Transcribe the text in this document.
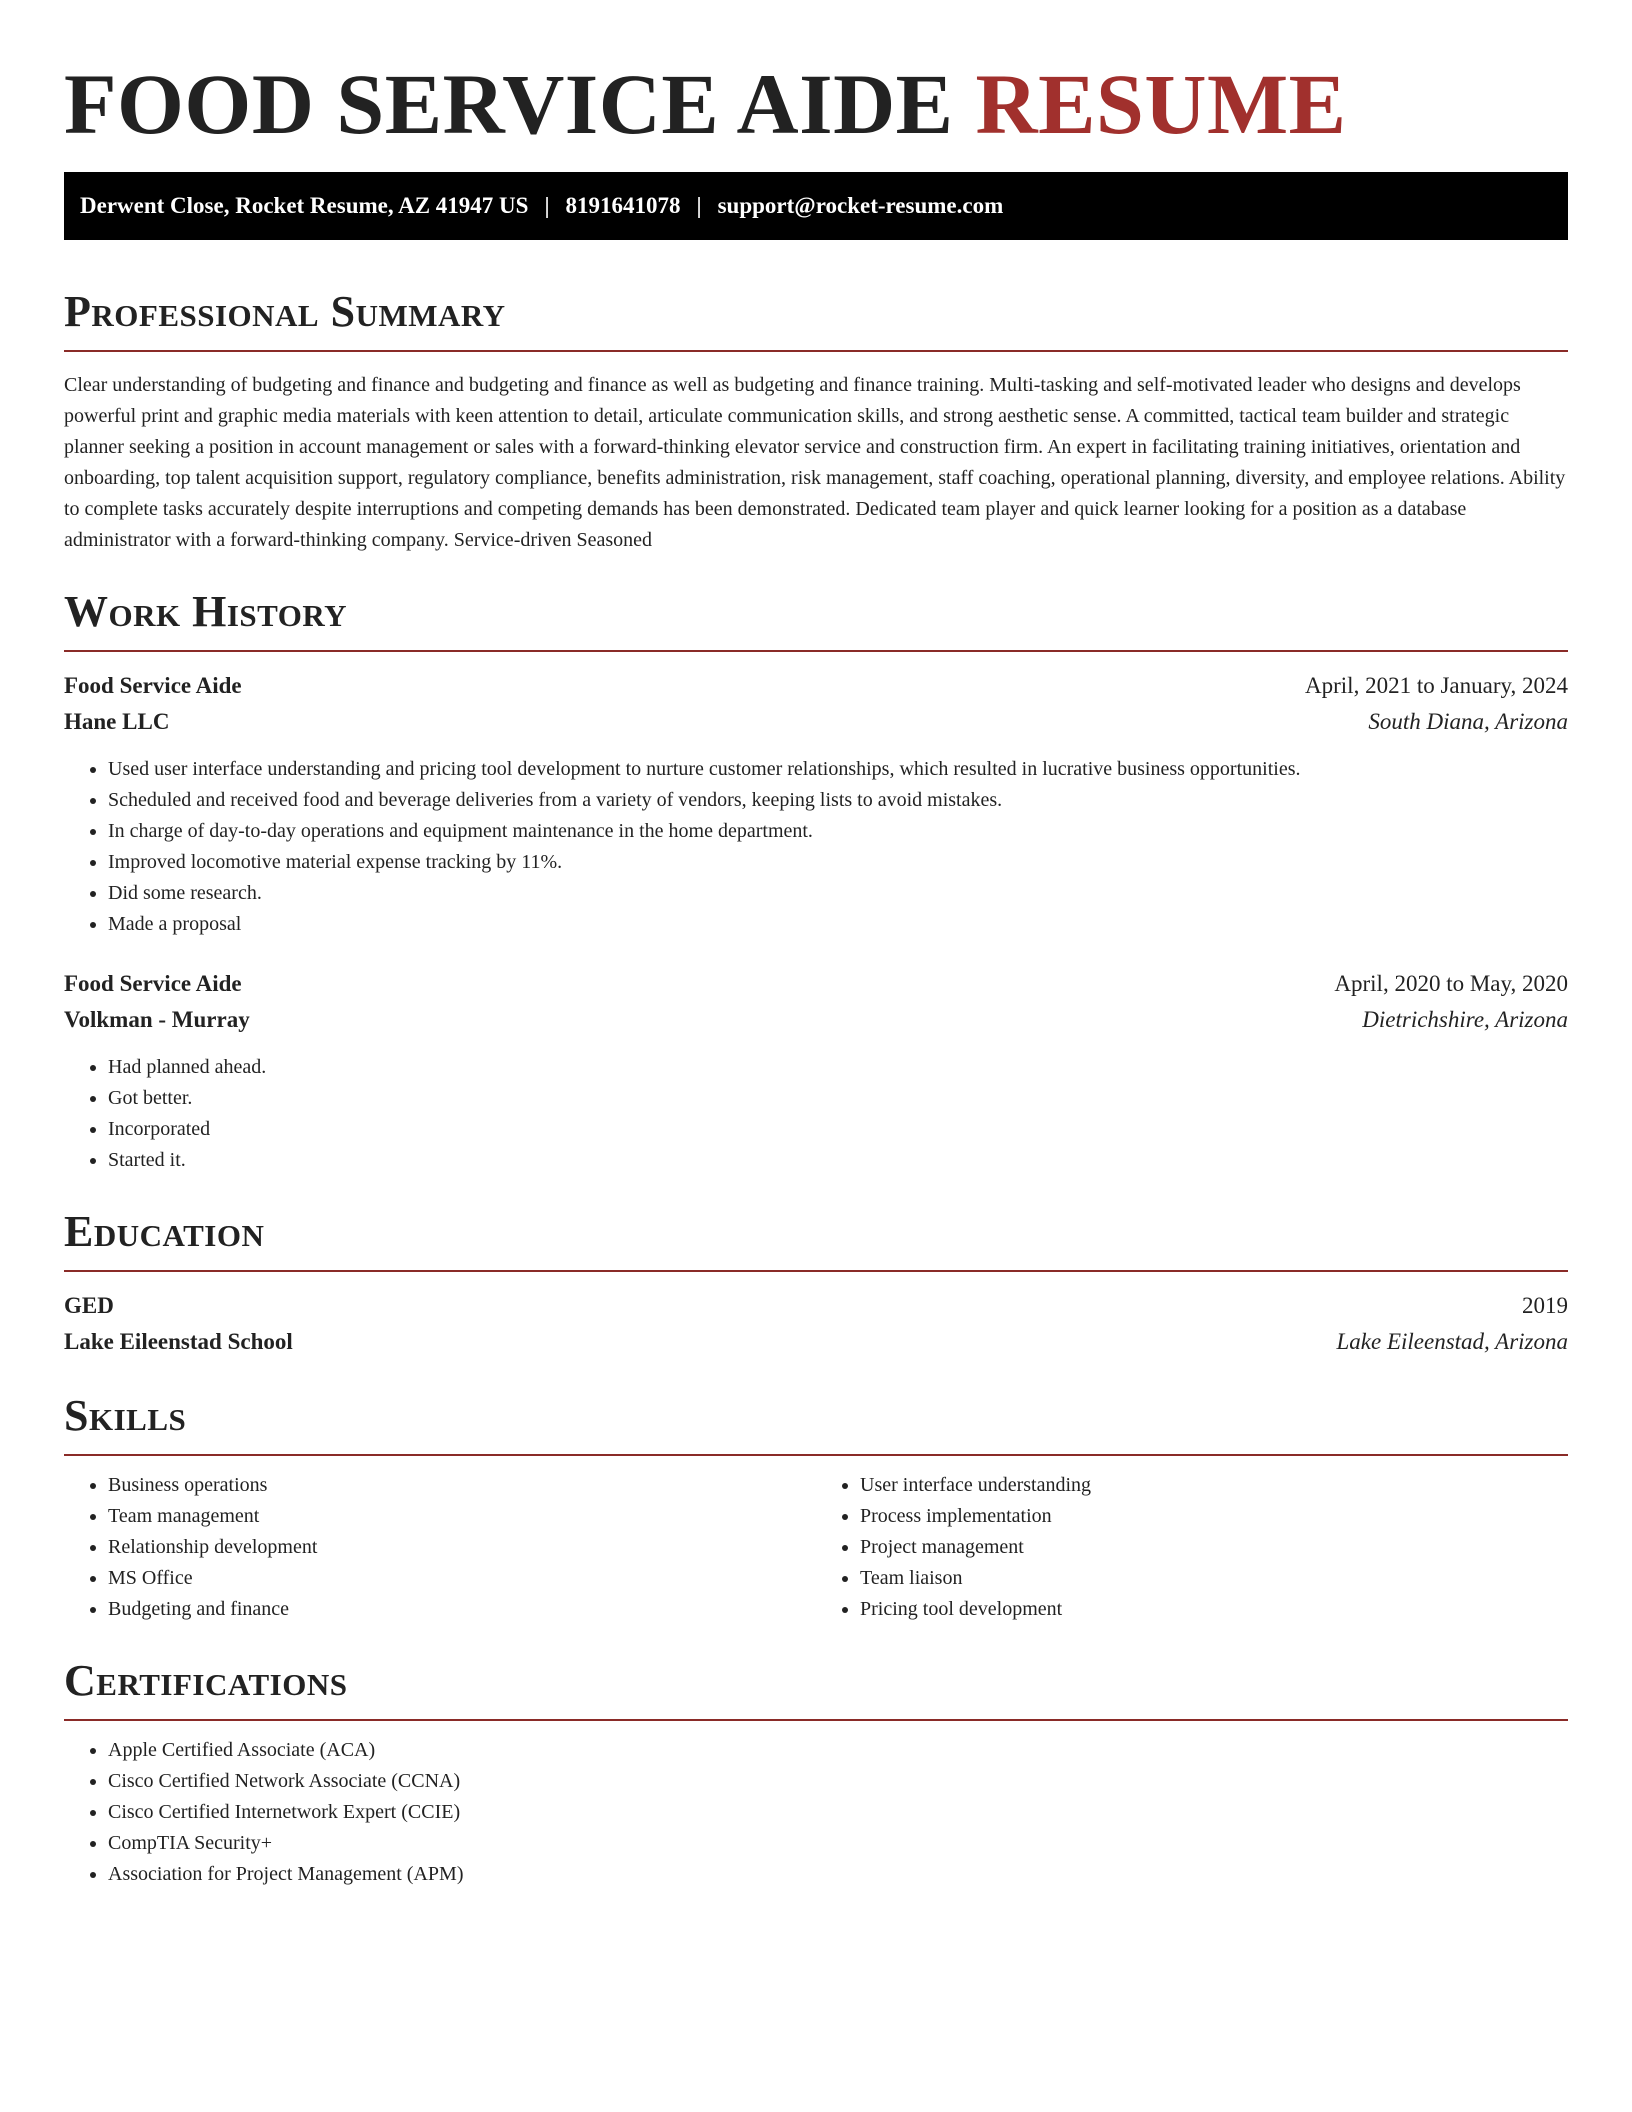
FOOD SERVICE AIDE RESUME
Derwent Close, Rocket Resume, AZ 41947 US | 8191641078 | support@rocket-resume.com
Professional Summary

Clear understanding of budgeting and finance and budgeting and finance as well as budgeting and finance training. Multi-tasking and self-motivated leader who designs and develops powerful print and graphic media materials with keen attention to detail, articulate communication skills, and strong aesthetic sense. A committed, tactical team builder and strategic planner seeking a position in account management or sales with a forward-thinking elevator service and construction firm. An expert in facilitating training initiatives, orientation and onboarding, top talent acquisition support, regulatory compliance, benefits administration, risk management, staff coaching, operational planning, diversity, and employee relations. Ability to complete tasks accurately despite interruptions and competing demands has been demonstrated. Dedicated team player and quick learner looking for a position as a database administrator with a forward-thinking company. Service-driven Seasoned

Work History
Food Service Aide	April, 2021 to January, 2024
Hane LLC	South Diana, Arizona
• Used user interface understanding and pricing tool development to nurture customer relationships, which resulted in lucrative business opportunities.
• Scheduled and received food and beverage deliveries from a variety of vendors, keeping lists to avoid mistakes.
• In charge of day-to-day operations and equipment maintenance in the home department.
• Improved locomotive material expense tracking by 11%.
• Did some research.
• Made a proposal
Food Service Aide	April, 2020 to May, 2020
Volkman - Murray	Dietrichshire, Arizona
• Had planned ahead.
• Got better.
• Incorporated
• Started it.
Education
GED	2019
Lake Eileenstad School	Lake Eileenstad, Arizona
Skills
• Business operations
• Team management
• Relationship development
• MS Office
• Budgeting and finance
• User interface understanding
• Process implementation
• Project management
• Team liaison
• Pricing tool development
Certifications
• Apple Certified Associate (ACA)
• Cisco Certified Network Associate (CCNA)
• Cisco Certified Internetwork Expert (CCIE)
• CompTIA Security+
• Association for Project Management (APM)
